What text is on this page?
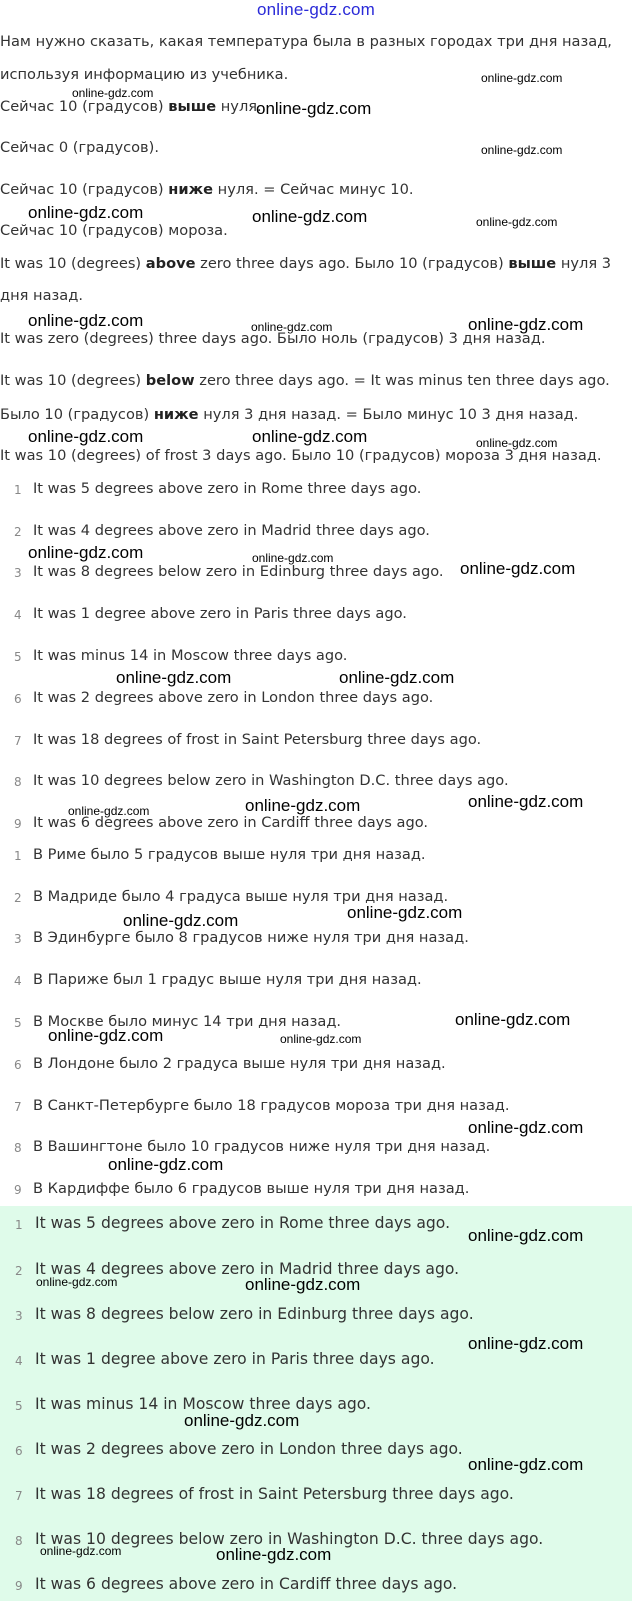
online-gdz.com
Нам нужно сказать, какая температура была в разных городах три дня назад,
используя информацию из учебника.
Сейчас 10 (градусов) выше нуля.
Сейчас 0 (градусов).
Сейчас 10 (градусов) ниже нуля. = Сейчас минус 10.
Сейчас 10 (градусов) мороза.
It was 10 (degrees) above zero three days ago. Было 10 (градусов) выше нуля 3
дня назад.
It was zero (degrees) three days ago. Было ноль (градусов) 3 дня назад.
It was 10 (degrees) below zero three days ago. = It was minus ten three days ago.
Было 10 (градусов) ниже нуля 3 дня назад. = Было минус 10 3 дня назад.
It was 10 (degrees) of frost 3 days ago. Было 10 (градусов) мороза 3 дня назад.
1 It was 5 degrees above zero in Rome three days ago.
2 It was 4 degrees above zero in Madrid three days ago.
3 It was 8 degrees below zero in Edinburg three days ago.
4 It was 1 degree above zero in Paris three days ago.
5 It was minus 14 in Moscow three days ago.
6 It was 2 degrees above zero in London three days ago.
7 It was 18 degrees of frost in Saint Petersburg three days ago.
8 It was 10 degrees below zero in Washington D.C. three days ago.
9 It was 6 degrees above zero in Cardiff three days ago.
1 В Риме было 5 градусов выше нуля три дня назад.
2 В Мадриде было 4 градуса выше нуля три дня назад.
3 В Эдинбурге было 8 градусов ниже нуля три дня назад.
4 В Париже был 1 градус выше нуля три дня назад.
5 В Москве было минус 14 три дня назад.
6 В Лондоне было 2 градуса выше нуля три дня назад.
7 В Санкт-Петербурге было 18 градусов мороза три дня назад.
8 В Вашингтоне было 10 градусов ниже нуля три дня назад.
9 В Кардиффе было 6 градусов выше нуля три дня назад.
1 It was 5 degrees above zero in Rome three days ago.
2 It was 4 degrees above zero in Madrid three days ago.
3 It was 8 degrees below zero in Edinburg three days ago.
4 It was 1 degree above zero in Paris three days ago.
5 It was minus 14 in Moscow three days ago.
6 It was 2 degrees above zero in London three days ago.
7 It was 18 degrees of frost in Saint Petersburg three days ago.
8 It was 10 degrees below zero in Washington D.C. three days ago.
9 It was 6 degrees above zero in Cardiff three days ago.
online-gdz.com
online-gdz.com
online-gdz.com
online-gdz.com
online-gdz.com	online-gdz.com	online-gdz.com
online-gdz.com	online-gdz.com	online-gdz.com
online-gdz.com	online-gdz.com	online-gdz.com
online-gdz.com	online-gdz.com
online-gdz.com
online-gdz.com	online-gdz.com
online-gdz.com
online-gdz.com
online-gdz.com
online-gdz.com
online-gdz.com
online-gdz.com
online-gdz.com	online-gdz.com
online-gdz.com
online-gdz.com
online-gdz.com
online-gdz.com
online-gdz.com
online-gdz.com
online-gdz.com
online-gdz.com
online-gdz.com	online-gdz.com
